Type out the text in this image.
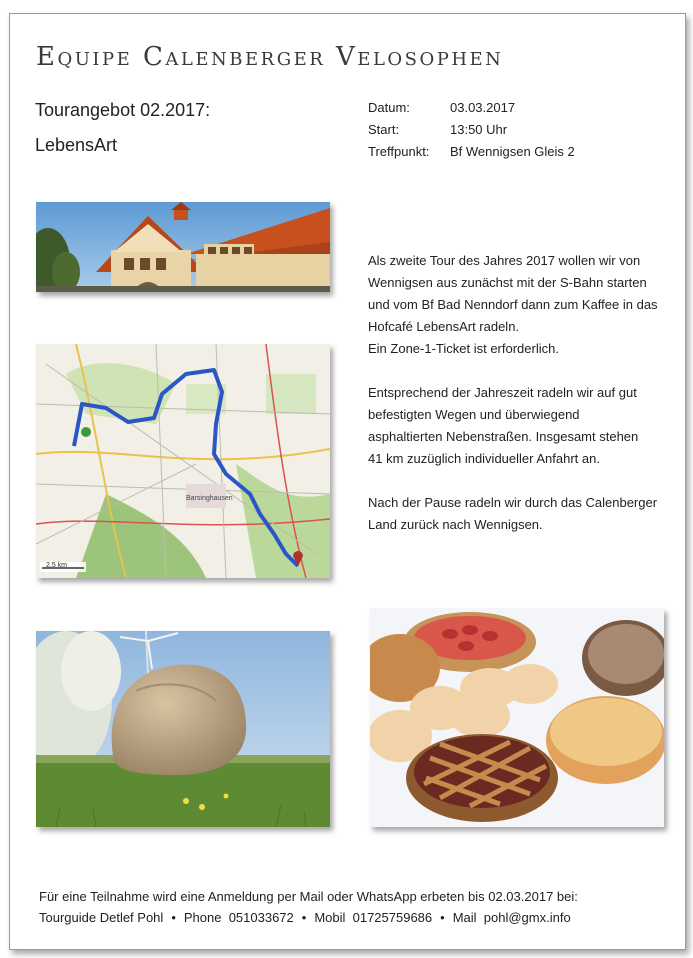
Equipe Calenberger Velosophen
Tourangebot 02.2017:
LebensArt
Datum:	03.03.2017
Start:	13:50 Uhr
Treffpunkt:	Bf Wennigsen Gleis 2
Barsinghausen
2,5 km

Als zweite Tour des Jahres 2017 wollen wir von
Wennigsen aus zunächst mit der S-Bahn starten
und vom Bf Bad Nenndorf dann zum Kaffee in das
Hofcafé LebensArt radeln.
Ein Zone-1-Ticket ist erforderlich.

Entsprechend der Jahreszeit radeln wir auf gut
befestigten Wegen und überwiegend
asphaltierten Nebenstraßen. Insgesamt stehen
41 km zuzüglich individueller Anfahrt an.

Nach der Pause radeln wir durch das Calenberger
Land zurück nach Wennigsen.

Für eine Teilnahme wird eine Anmeldung per Mail oder WhatsApp erbeten bis 02.03.2017 bei:
Tourguide Detlef Pohl • Phone  051033672 • Mobil  01725759686 • Mail  pohl@gmx.info
